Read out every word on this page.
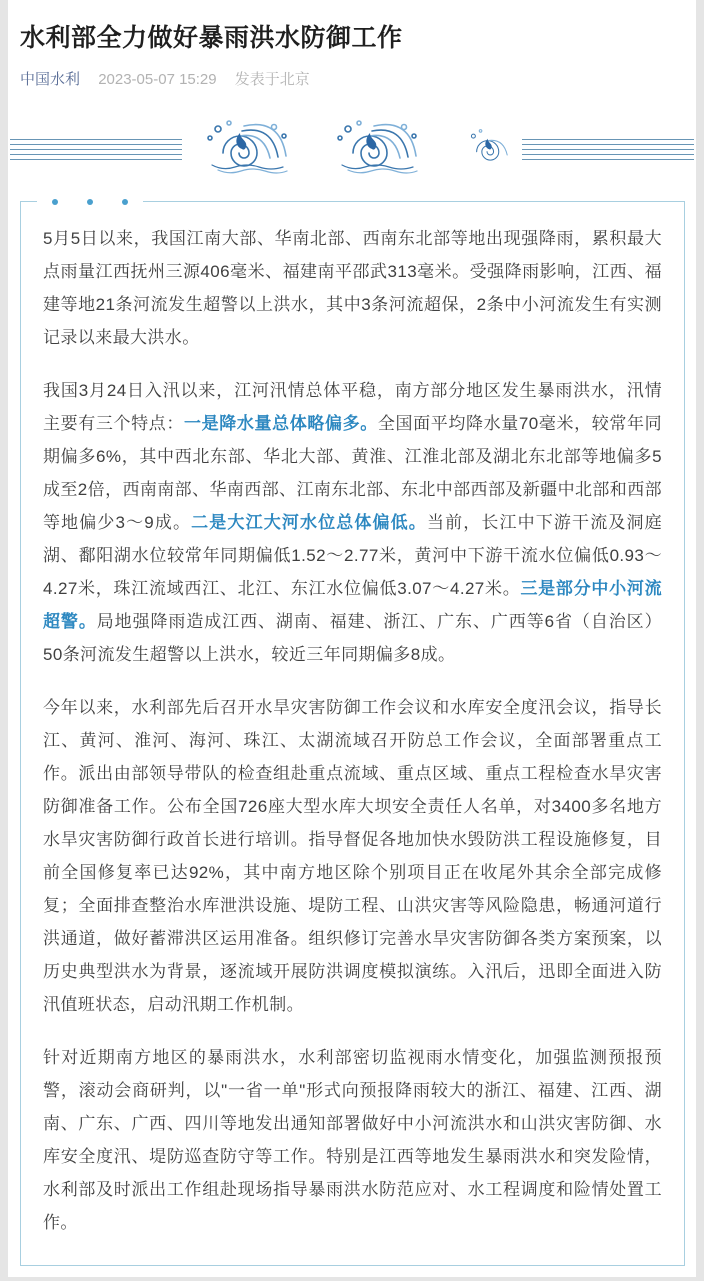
水利部全力做好暴雨洪水防御工作
中国水利 2023-05-07 15:29 发表于北京

5月5日以来，我国江南大部、华南北部、西南东北部等地出现强降雨，累积最大点雨量江西抚州三源406毫米、福建南平邵武313毫米。受强降雨影响，江西、福建等地21条河流发生超警以上洪水，其中3条河流超保，2条中小河流发生有实测记录以来最大洪水。

我国3月24日入汛以来，江河汛情总体平稳，南方部分地区发生暴雨洪水，汛情主要有三个特点：一是降水量总体略偏多。全国面平均降水量70毫米，较常年同期偏多6%，其中西北东部、华北大部、黄淮、江淮北部及湖北东北部等地偏多5成至2倍，西南南部、华南西部、江南东北部、东北中部西部及新疆中北部和西部等地偏少3～9成。二是大江大河水位总体偏低。当前，长江中下游干流及洞庭湖、鄱阳湖水位较常年同期偏低1.52～2.77米，黄河中下游干流水位偏低0.93～4.27米，珠江流域西江、北江、东江水位偏低3.07～4.27米。三是部分中小河流超警。局地强降雨造成江西、湖南、福建、浙江、广东、广西等6省（自治区）50条河流发生超警以上洪水，较近三年同期偏多8成。

今年以来，水利部先后召开水旱灾害防御工作会议和水库安全度汛会议，指导长江、黄河、淮河、海河、珠江、太湖流域召开防总工作会议，全面部署重点工作。派出由部领导带队的检查组赴重点流域、重点区域、重点工程检查水旱灾害防御准备工作。公布全国726座大型水库大坝安全责任人名单，对3400多名地方水旱灾害防御行政首长进行培训。指导督促各地加快水毁防洪工程设施修复，目前全国修复率已达92%，其中南方地区除个别项目正在收尾外其余全部完成修复；全面排查整治水库泄洪设施、堤防工程、山洪灾害等风险隐患，畅通河道行洪通道，做好蓄滞洪区运用准备。组织修订完善水旱灾害防御各类方案预案，以历史典型洪水为背景，逐流域开展防洪调度模拟演练。入汛后，迅即全面进入防汛值班状态，启动汛期工作机制。

针对近期南方地区的暴雨洪水，水利部密切监视雨水情变化，加强监测预报预警，滚动会商研判，以"一省一单"形式向预报降雨较大的浙江、福建、江西、湖南、广东、广西、四川等地发出通知部署做好中小河流洪水和山洪灾害防御、水库安全度汛、堤防巡查防守等工作。特别是江西等地发生暴雨洪水和突发险情，水利部及时派出工作组赴现场指导暴雨洪水防范应对、水工程调度和险情处置工作。
